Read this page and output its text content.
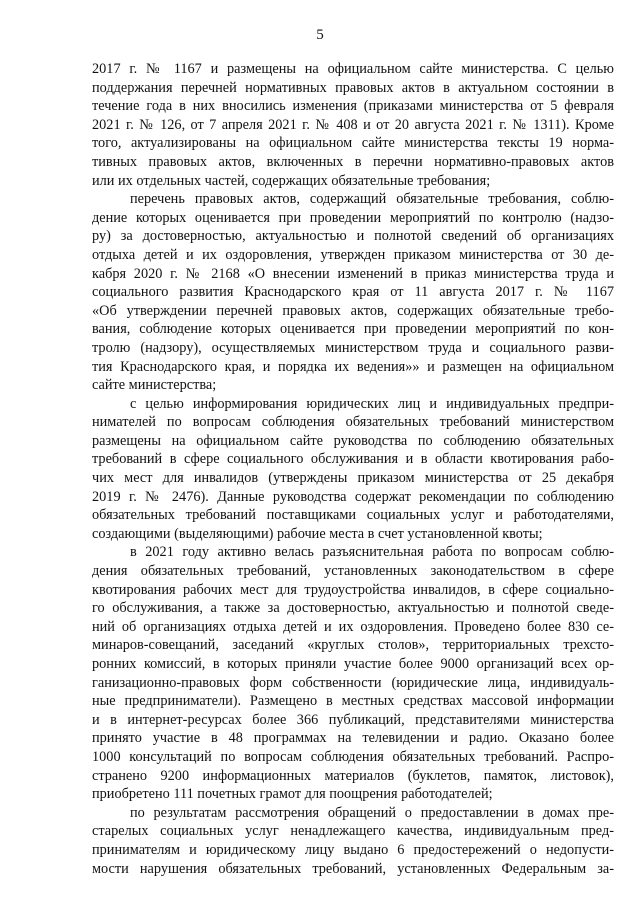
5
2017 г. № 1167 и размещены на официальном сайте министерства. С целью
поддержания перечней нормативных правовых актов в актуальном состоянии в
течение года в них вносились изменения (приказами министерства от 5 февраля
2021 г. № 126, от 7 апреля 2021 г. № 408 и от 20 августа 2021 г. № 1311). Кроме
того, актуализированы на официальном сайте министерства тексты 19 норма-
тивных правовых актов, включенных в перечни нормативно-правовых актов
или их отдельных частей, содержащих обязательные требования;
перечень правовых актов, содержащий обязательные требования, соблю-
дение которых оценивается при проведении мероприятий по контролю (надзо-
ру) за достоверностью, актуальностью и полнотой сведений об организациях
отдыха детей и их оздоровления, утвержден приказом министерства от 30 де-
кабря 2020 г. № 2168 «О внесении изменений в приказ министерства труда и
социального развития Краснодарского края от 11 августа 2017 г. № 1167
«Об утверждении перечней правовых актов, содержащих обязательные требо-
вания, соблюдение которых оценивается при проведении мероприятий по кон-
тролю (надзору), осуществляемых министерством труда и социального разви-
тия Краснодарского края, и порядка их ведения»» и размещен на официальном
сайте министерства;
с целью информирования юридических лиц и индивидуальных предпри-
нимателей по вопросам соблюдения обязательных требований министерством
размещены на официальном сайте руководства по соблюдению обязательных
требований в сфере социального обслуживания и в области квотирования рабо-
чих мест для инвалидов (утверждены приказом министерства от 25 декабря
2019 г. № 2476). Данные руководства содержат рекомендации по соблюдению
обязательных требований поставщиками социальных услуг и работодателями,
создающими (выделяющими) рабочие места в счет установленной квоты;
в 2021 году активно велась разъяснительная работа по вопросам соблю-
дения обязательных требований, установленных законодательством в сфере
квотирования рабочих мест для трудоустройства инвалидов, в сфере социально-
го обслуживания, а также за достоверностью, актуальностью и полнотой сведе-
ний об организациях отдыха детей и их оздоровления. Проведено более 830 се-
минаров-совещаний, заседаний «круглых столов», территориальных трехсто-
ронних комиссий, в которых приняли участие более 9000 организаций всех ор-
ганизационно-правовых форм собственности (юридические лица, индивидуаль-
ные предприниматели). Размещено в местных средствах массовой информации
и в интернет-ресурсах более 366 публикаций, представителями министерства
принято участие в 48 программах на телевидении и радио. Оказано более
1000 консультаций по вопросам соблюдения обязательных требований. Распро-
странено 9200 информационных материалов (буклетов, памяток, листовок),
приобретено 111 почетных грамот для поощрения работодателей;
по результатам рассмотрения обращений о предоставлении в домах пре-
старелых социальных услуг ненадлежащего качества, индивидуальным пред-
принимателям и юридическому лицу выдано 6 предостережений о недопусти-
мости нарушения обязательных требований, установленных Федеральным за-
